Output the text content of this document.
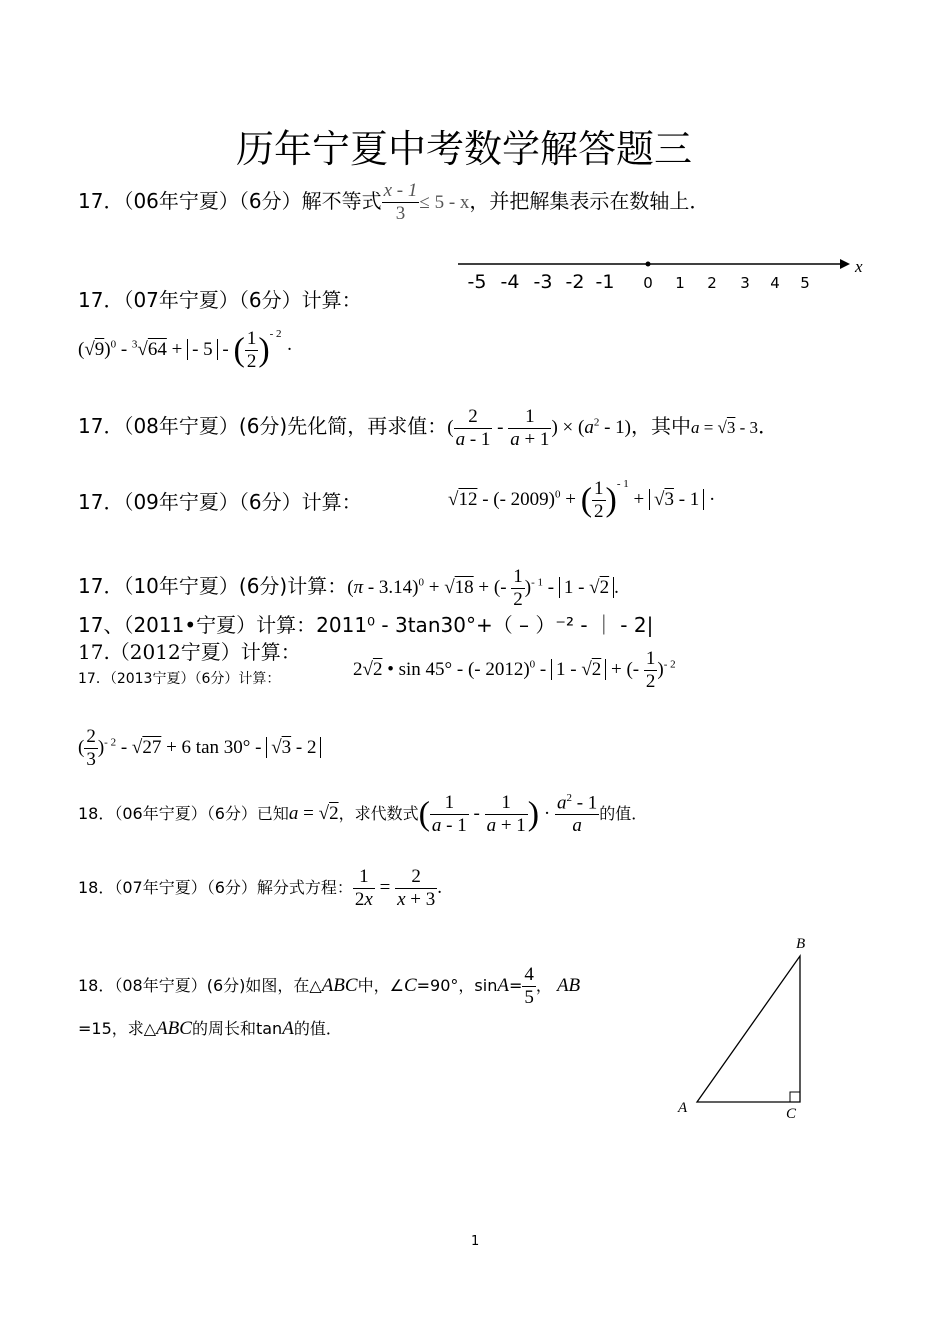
历年宁夏中考数学解答题三
17．（06年宁夏）（6分）解不等式 $\frac{x - 1}{3} \le 5 - x$，并把解集表示在数轴上．
x
-5 -4 -3 -2 -1 0 1 2 3 4 5
17．（07年宁夏）（6分）计算：
$(√9)^0 - ^3√64$ + - 5 - ( $\frac{1}{2} )^{- 2}$ ·
17．（08年宁夏）(6分)先化简，再求值：( $\frac{2}{a - 1} - \frac{1}{a + 1}$ ) × $(a^2 - 1)$，其中a = √3 - 3．
17．（09年宁夏）（6分）计算：	√12 - (- 2009)$^0$ + ( $\frac{1}{2} )^{- 1} + √3 - 1$ ·
17．（10年宁夏）(6分)计算：(π - 3.14)$^0$ + √18 + (- $\frac{1}{2} )^{- 1} - 1 - √2$ .
17、（2011•宁夏）计算：2011⁰ - 3tan30°+（ – ）⁻² - ｜ - 2|
17.（2012宁夏）计算：
17．（2013宁夏）（6分）计算：	2√2 • sin 45° - (- 2012)$^0$ - 1 - √2 + (- $\frac{1}{2} )^{- 2}$
( $\frac{2}{3} )^{- 2} - √27 + 6$ tan 30° - √3 - 2
18．（06年宁夏）（6分）已知a = √2，求代数式( $\frac{1}{a - 1} - \frac{1}{a + 1}$ ) · $\frac{a^2 - 1}{a}$ 的值．
18．（07年宁夏）（6分）解分式方程： $\frac{1}{2x} = \frac{2}{x + 3}$ .
18．（08年宁夏）(6分)如图，在△ABC中，∠C=90°，$\sin A= \frac{4}{5}$ ， AB
=15，求△ABC的周长和tanA的值．
A
B
C
1
